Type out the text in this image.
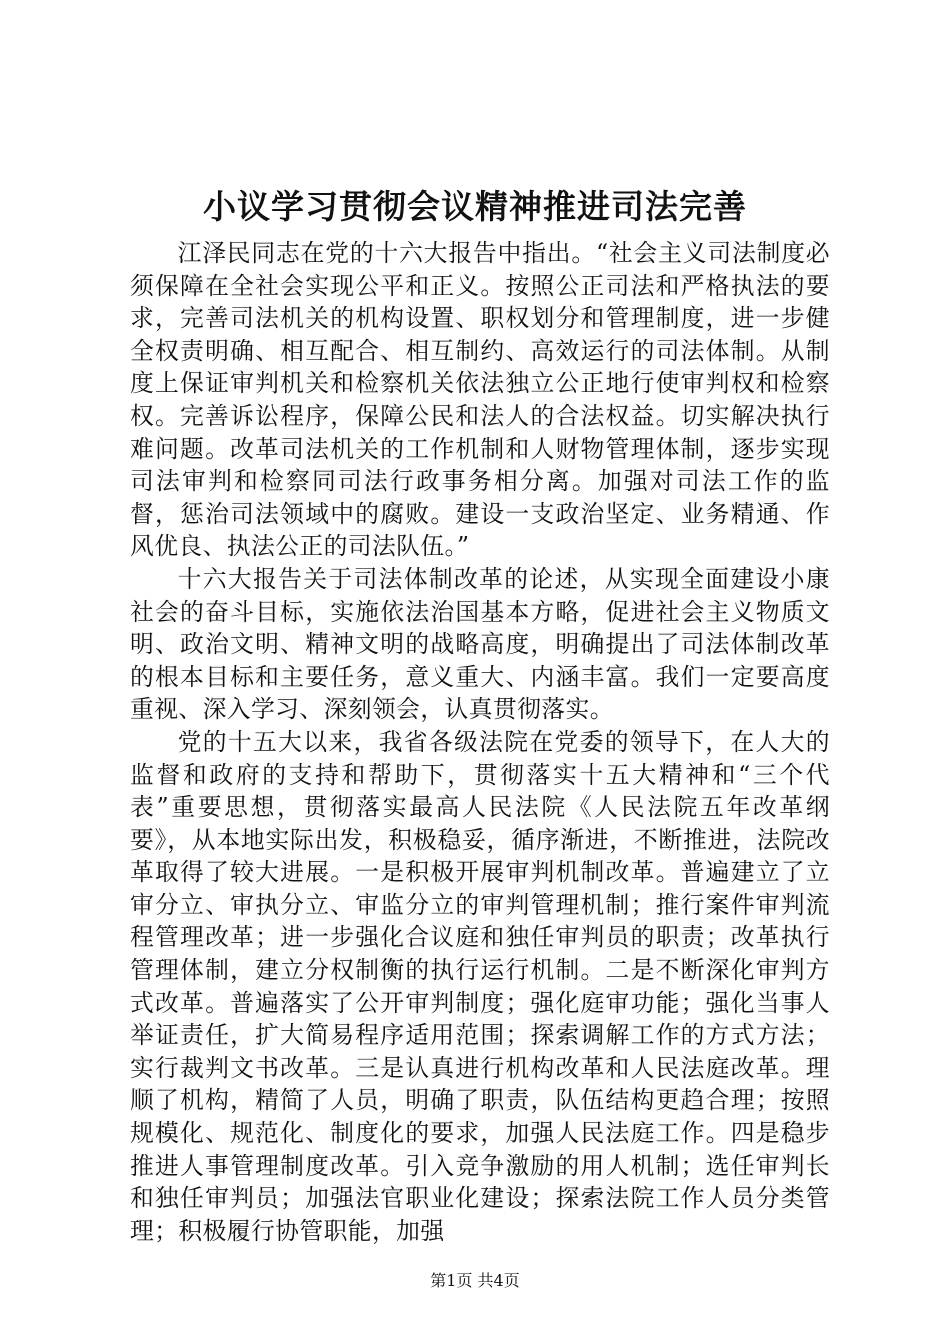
小议学习贯彻会议精神推进司法完善

江泽民同志在党的十六大报告中指出。“社会主义司法制度必须保障在全社会实现公平和正义。按照公正司法和严格执法的要求，完善司法机关的机构设置、职权划分和管理制度，进一步健全权责明确、相互配合、相互制约、高效运行的司法体制。从制度上保证审判机关和检察机关依法独立公正地行使审判权和检察权。完善诉讼程序，保障公民和法人的合法权益。切实解决执行难问题。改革司法机关的工作机制和人财物管理体制，逐步实现司法审判和检察同司法行政事务相分离。加强对司法工作的监督，惩治司法领域中的腐败。建设一支政治坚定、业务精通、作风优良、执法公正的司法队伍。”

十六大报告关于司法体制改革的论述，从实现全面建设小康社会的奋斗目标，实施依法治国基本方略，促进社会主义物质文明、政治文明、精神文明的战略高度，明确提出了司法体制改革的根本目标和主要任务，意义重大、内涵丰富。我们一定要高度重视、深入学习、深刻领会，认真贯彻落实。

党的十五大以来，我省各级法院在党委的领导下，在人大的监督和政府的支持和帮助下，贯彻落实十五大精神和“三个代表”重要思想，贯彻落实最高人民法院《人民法院五年改革纲要》，从本地实际出发，积极稳妥，循序渐进，不断推进，法院改革取得了较大进展。一是积极开展审判机制改革。普遍建立了立审分立、审执分立、审监分立的审判管理机制；推行案件审判流程管理改革；进一步强化合议庭和独任审判员的职责；改革执行管理体制，建立分权制衡的执行运行机制。二是不断深化审判方式改革。普遍落实了公开审判制度；强化庭审功能；强化当事人举证责任，扩大简易程序适用范围；探索调解工作的方式方法；实行裁判文书改革。三是认真进行机构改革和人民法庭改革。理顺了机构，精简了人员，明确了职责，队伍结构更趋合理；按照规模化、规范化、制度化的要求，加强人民法庭工作。四是稳步推进人事管理制度改革。引入竞争激励的用人机制；选任审判长和独任审判员；加强法官职业化建设；探索法院工作人员分类管理；积极履行协管职能，加强

第1页 共4页
